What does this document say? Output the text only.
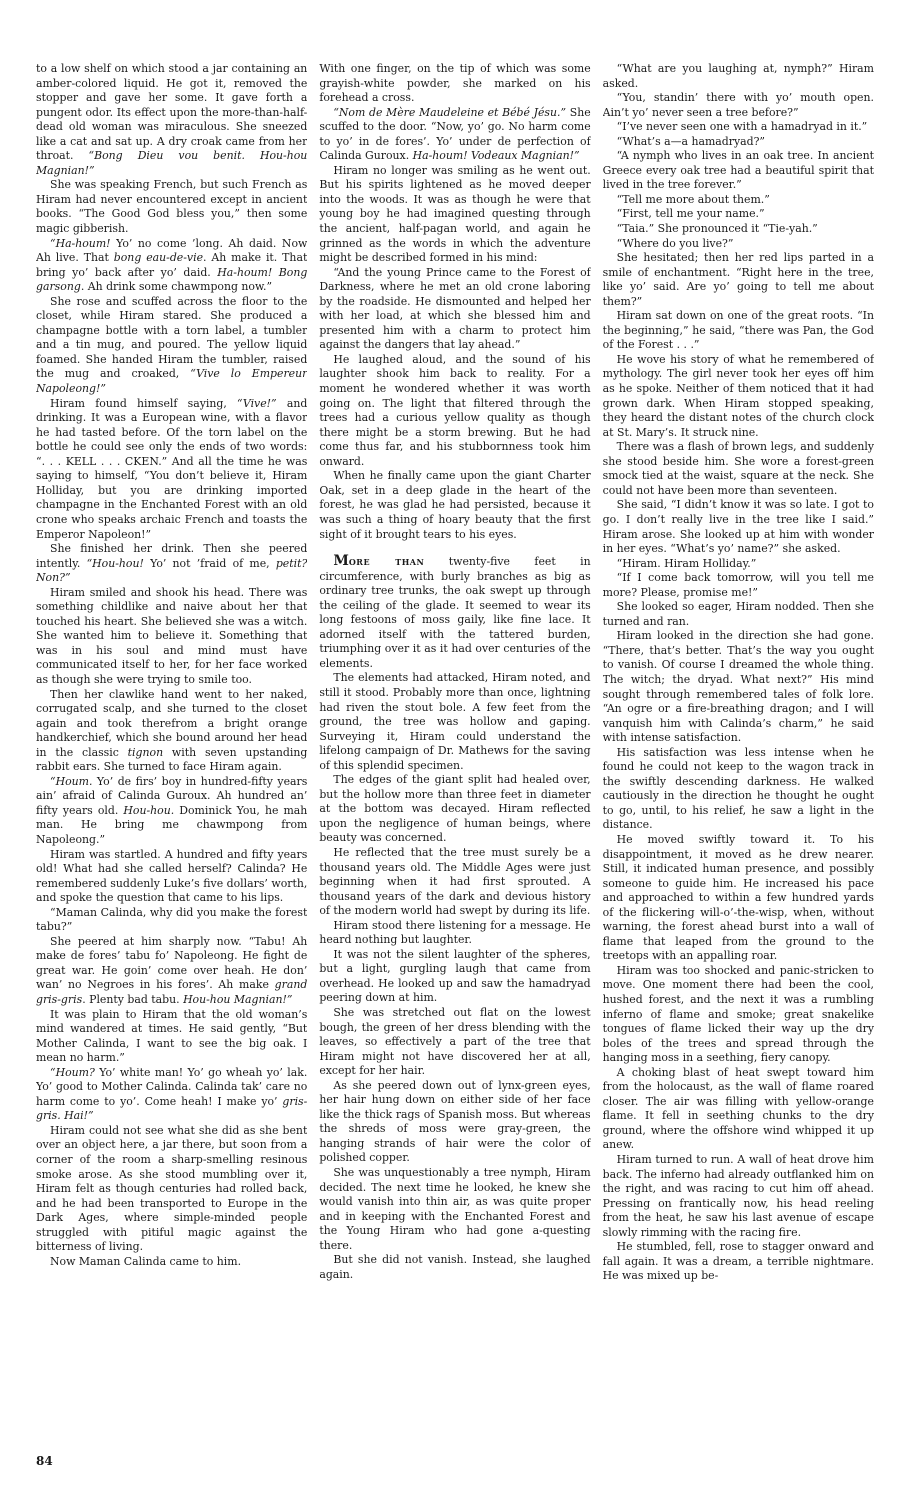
to a low shelf on which stood a jar containing an amber-colored liquid. He got it, removed the stopper and gave her some. It gave forth a pungent odor. Its effect upon the more-than-half-dead old woman was miraculous. She sneezed like a cat and sat up. A dry croak came from her throat. “Bong Dieu vou benit. Hou-hou Magnian!”

She was speaking French, but such French as Hiram had never encountered except in ancient books. “The Good God bless you,” then some magic gibberish.

“Ha-houm! Yo’ no come ’long. Ah daid. Now Ah live. That bong eau-de-vie. Ah make it. That bring yo’ back after yo’ daid. Ha-houm! Bong garsong. Ah drink some chawmpong now.”

She rose and scuffed across the floor to the closet, while Hiram stared. She produced a champagne bottle with a torn label, a tumbler and a tin mug, and poured. The yellow liquid foamed. She handed Hiram the tumbler, raised the mug and croaked, “Vive lo Empereur Napoleong!”

Hiram found himself saying, “Vive!” and drinking. It was a European wine, with a flavor he had tasted before. Of the torn label on the bottle he could see only the ends of two words: “. . . KELL . . . CKEN.” And all the time he was saying to himself, “You don’t believe it, Hiram Holliday, but you are drinking imported champagne in the Enchanted Forest with an old crone who speaks archaic French and toasts the Emperor Napoleon!”

She finished her drink. Then she peered intently. “Hou-hou! Yo’ not ’fraid of me, petit? Non?”

Hiram smiled and shook his head. There was something childlike and naive about her that touched his heart. She believed she was a witch. She wanted him to believe it. Something that was in his soul and mind must have communicated itself to her, for her face worked as though she were trying to smile too.

Then her clawlike hand went to her naked, corrugated scalp, and she turned to the closet again and took therefrom a bright orange handkerchief, which she bound around her head in the classic tignon with seven upstanding rabbit ears. She turned to face Hiram again.

“Houm. Yo’ de firs’ boy in hundred-fifty years ain’ afraid of Calinda Guroux. Ah hundred an’ fifty years old. Hou-hou. Dominick You, he mah man. He bring me chawmpong from Napoleong.”

Hiram was startled. A hundred and fifty years old! What had she called herself? Calinda? He remembered suddenly Luke’s five dollars’ worth, and spoke the question that came to his lips.

“Maman Calinda, why did you make the forest tabu?”

She peered at him sharply now. “Tabu! Ah make de fores’ tabu fo’ Napoleong. He fight de great war. He goin’ come over heah. He don’ wan’ no Negroes in his fores’. Ah make grand gris-gris. Plenty bad tabu. Hou-hou Magnian!”

It was plain to Hiram that the old woman’s mind wandered at times. He said gently, “But Mother Calinda, I want to see the big oak. I mean no harm.”

“Houm? Yo’ white man! Yo’ go wheah yo’ lak. Yo’ good to Mother Calinda. Calinda tak’ care no harm come to yo’. Come heah! I make yo’ gris-gris. Hai!”

Hiram could not see what she did as she bent over an object here, a jar there, but soon from a corner of the room a sharp-smelling resinous smoke arose. As she stood mumbling over it, Hiram felt as though centuries had rolled back, and he had been transported to Europe in the Dark Ages, where simple-minded people struggled with pitiful magic against the bitterness of living.

Now Maman Calinda came to him.

With one finger, on the tip of which was some grayish-white powder, she marked on his forehead a cross.

“Nom de Mère Maudeleine et Bébé Jésu.” She scuffed to the door. “Now, yo’ go. No harm come to yo’ in de fores’. Yo’ under de perfection of Calinda Guroux. Ha-houm! Vodeaux Magnian!”

Hiram no longer was smiling as he went out. But his spirits lightened as he moved deeper into the woods. It was as though he were that young boy he had imagined questing through the ancient, half-pagan world, and again he grinned as the words in which the adventure might be described formed in his mind:

“And the young Prince came to the Forest of Darkness, where he met an old crone laboring by the roadside. He dismounted and helped her with her load, at which she blessed him and presented him with a charm to protect him against the dangers that lay ahead.”

He laughed aloud, and the sound of his laughter shook him back to reality. For a moment he wondered whether it was worth going on. The light that filtered through the trees had a curious yellow quality as though there might be a storm brewing. But he had come thus far, and his stubbornness took him onward.

When he finally came upon the giant Charter Oak, set in a deep glade in the heart of the forest, he was glad he had persisted, because it was such a thing of hoary beauty that the first sight of it brought tears to his eyes.

More than twenty-five feet in circumference, with burly branches as big as ordinary tree trunks, the oak swept up through the ceiling of the glade. It seemed to wear its long festoons of moss gaily, like fine lace. It adorned itself with the tattered burden, triumphing over it as it had over centuries of the elements.

The elements had attacked, Hiram noted, and still it stood. Probably more than once, lightning had riven the stout bole. A few feet from the ground, the tree was hollow and gaping. Surveying it, Hiram could understand the lifelong campaign of Dr. Mathews for the saving of this splendid specimen.

The edges of the giant split had healed over, but the hollow more than three feet in diameter at the bottom was decayed. Hiram reflected upon the negligence of human beings, where beauty was concerned.

He reflected that the tree must surely be a thousand years old. The Middle Ages were just beginning when it had first sprouted. A thousand years of the dark and devious history of the modern world had swept by during its life.

Hiram stood there listening for a message. He heard nothing but laughter.

It was not the silent laughter of the spheres, but a light, gurgling laugh that came from overhead. He looked up and saw the hamadryad peering down at him.

She was stretched out flat on the lowest bough, the green of her dress blending with the leaves, so effectively a part of the tree that Hiram might not have discovered her at all, except for her hair.

As she peered down out of lynx-green eyes, her hair hung down on either side of her face like the thick rags of Spanish moss. But whereas the shreds of moss were gray-green, the hanging strands of hair were the color of polished copper.

She was unquestionably a tree nymph, Hiram decided. The next time he looked, he knew she would vanish into thin air, as was quite proper and in keeping with the Enchanted Forest and the Young Hiram who had gone a-questing there.

But she did not vanish. Instead, she laughed again.

“What are you laughing at, nymph?” Hiram asked.

“You, standin’ there with yo’ mouth open. Ain’t yo’ never seen a tree before?”

“I’ve never seen one with a hamadryad in it.”

“What’s a—a hamadryad?”

“A nymph who lives in an oak tree. In ancient Greece every oak tree had a beautiful spirit that lived in the tree forever.”

“Tell me more about them.”

“First, tell me your name.”

“Taia.” She pronounced it “Tie-yah.”

“Where do you live?”

She hesitated; then her red lips parted in a smile of enchantment. “Right here in the tree, like yo’ said. Are yo’ going to tell me about them?”

Hiram sat down on one of the great roots. “In the beginning,” he said, “there was Pan, the God of the Forest . . .”

He wove his story of what he remembered of mythology. The girl never took her eyes off him as he spoke. Neither of them noticed that it had grown dark. When Hiram stopped speaking, they heard the distant notes of the church clock at St. Mary’s. It struck nine.

There was a flash of brown legs, and suddenly she stood beside him. She wore a forest-green smock tied at the waist, square at the neck. She could not have been more than seventeen.

She said, “I didn’t know it was so late. I got to go. I don’t really live in the tree like I said.” Hiram arose. She looked up at him with wonder in her eyes. “What’s yo’ name?” she asked.

“Hiram. Hiram Holliday.”

“If I come back tomorrow, will you tell me more? Please, promise me!”

She looked so eager, Hiram nodded. Then she turned and ran.

Hiram looked in the direction she had gone. “There, that’s better. That’s the way you ought to vanish. Of course I dreamed the whole thing. The witch; the dryad. What next?” His mind sought through remembered tales of folk lore. “An ogre or a fire-breathing dragon; and I will vanquish him with Calinda’s charm,” he said with intense satisfaction.

His satisfaction was less intense when he found he could not keep to the wagon track in the swiftly descending darkness. He walked cautiously in the direction he thought he ought to go, until, to his relief, he saw a light in the distance.

He moved swiftly toward it. To his disappointment, it moved as he drew nearer. Still, it indicated human presence, and possibly someone to guide him. He increased his pace and approached to within a few hundred yards of the flickering will-o’-the-wisp, when, without warning, the forest ahead burst into a wall of flame that leaped from the ground to the treetops with an appalling roar.

Hiram was too shocked and panic-stricken to move. One moment there had been the cool, hushed forest, and the next it was a rumbling inferno of flame and smoke; great snakelike tongues of flame licked their way up the dry boles of the trees and spread through the hanging moss in a seething, fiery canopy.

A choking blast of heat swept toward him from the holocaust, as the wall of flame roared closer. The air was filling with yellow-orange flame. It fell in seething chunks to the dry ground, where the offshore wind whipped it up anew.

Hiram turned to run. A wall of heat drove him back. The inferno had already outflanked him on the right, and was racing to cut him off ahead. Pressing on frantically now, his head reeling from the heat, he saw his last avenue of escape slowly rimming with the racing fire.

He stumbled, fell, rose to stagger onward and fall again. It was a dream, a terrible nightmare. He was mixed up be-

84
